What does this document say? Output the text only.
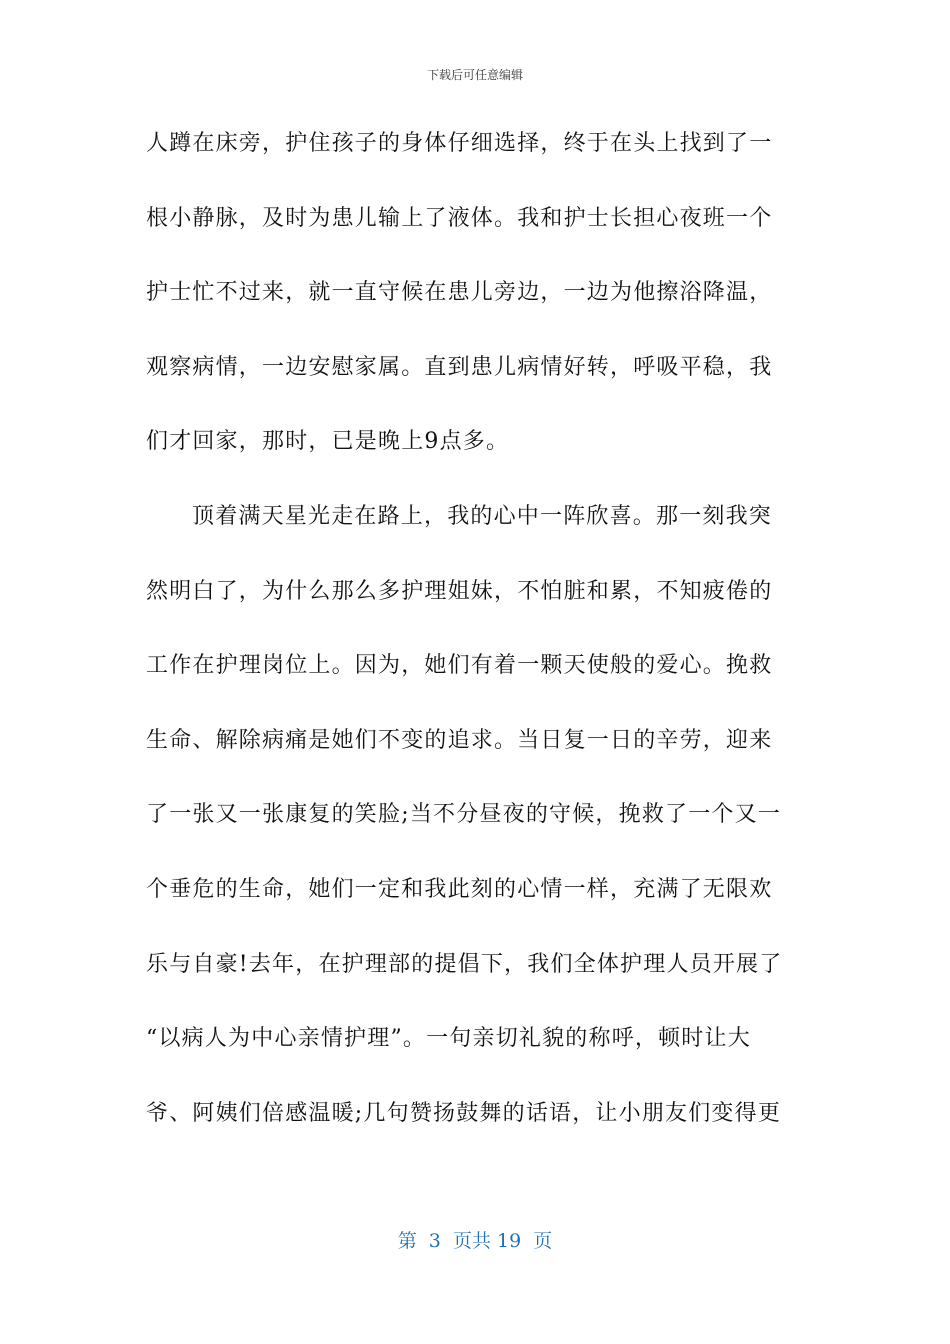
下载后可任意编辑
人蹲在床旁，护住孩子的身体仔细选择，终于在头上找到了一
根小静脉，及时为患儿输上了液体。我和护士长担心夜班一个
护士忙不过来，就一直守候在患儿旁边，一边为他擦浴降温，
观察病情，一边安慰家属。直到患儿病情好转，呼吸平稳，我
们才回家，那时，已是晚上9点多。
顶着满天星光走在路上，我的心中一阵欣喜。那一刻我突
然明白了，为什么那么多护理姐妹，不怕脏和累，不知疲倦的
工作在护理岗位上。因为，她们有着一颗天使般的爱心。挽救
生命、解除病痛是她们不变的追求。当日复一日的辛劳，迎来
了一张又一张康复的笑脸;当不分昼夜的守候，挽救了一个又一
个垂危的生命，她们一定和我此刻的心情一样，充满了无限欢
乐与自豪!去年，在护理部的提倡下，我们全体护理人员开展了
“以病人为中心亲情护理”。一句亲切礼貌的称呼，顿时让大
爷、阿姨们倍感温暖;几句赞扬鼓舞的话语，让小朋友们变得更
第  3  页共 19  页
